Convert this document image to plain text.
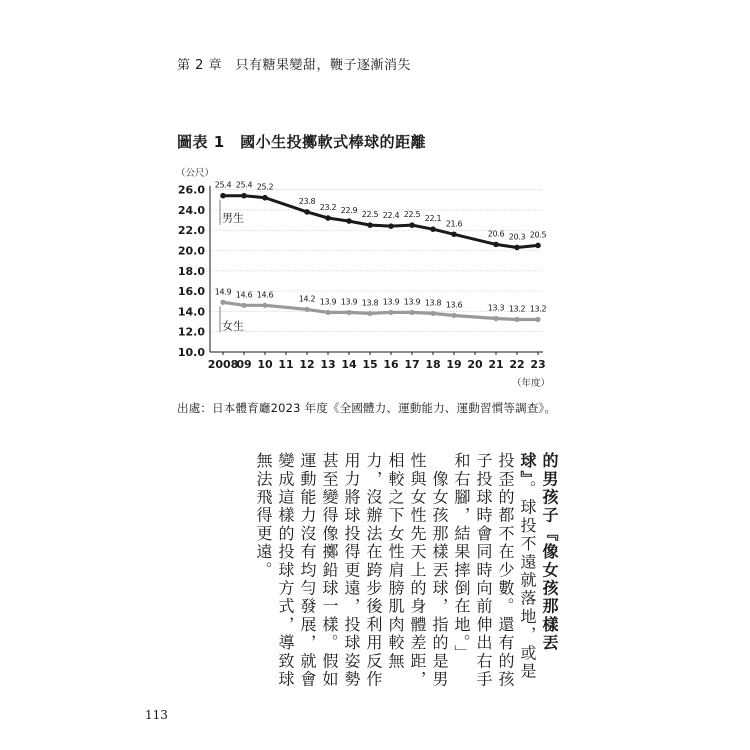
第 2 章　只有糖果變甜，鞭子逐漸消失
圖表 1　國小生投擲軟式棒球的距離
26.0
24.0
22.0
20.0
18.0
16.0
14.0
12.0
10.0
2008
09 10 11 12 13 14 15 16 17 18 19 20 21 22 23
25.4 25.4 25.2
23.8
23.2 22.9 22.5 22.4 22.5 22.1
21.6
20.6 20.3 20.5
男生
14.9 14.6 14.6	14.2 13.9 13.9 13.8 13.9 13.9 13.8 13.6	13.3 13.2 13.2
女生
（公尺）
（年度）
出處：日本體育廳2023 年度《全國體力、運動能力、運動習慣等調查》。

的男孩子『像女孩那樣丟球』。球投不遠就落地，或是投歪的都不在少數。還有的孩子投球時會同時向前伸出右手和右腳，結果摔倒在地。」

　像女孩那樣丟球，指的是男性與女性先天上的身體差距，相較之下女性肩膀肌肉較無力，沒辦法在跨步後利用反作用力將球投得更遠，投球姿勢甚至變得像擲鉛球一樣。假如運動能力沒有均勻發展，就會變成這樣的投球方式，導致球無法飛得更遠。

113
